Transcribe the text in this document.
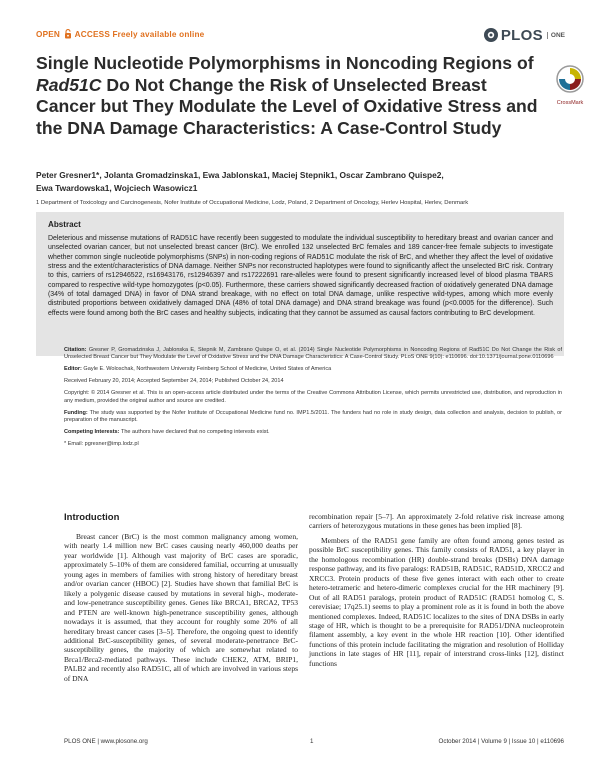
OPEN ACCESS Freely available online	PLOS	ONE
Single Nucleotide Polymorphisms in Noncoding Regions of Rad51C Do Not Change the Risk of Unselected Breast Cancer but They Modulate the Level of Oxidative Stress and the DNA Damage Characteristics: A Case-Control Study
CrossMark
Peter Gresner1*, Jolanta Gromadzinska1, Ewa Jablonska1, Maciej Stepnik1, Oscar Zambrano Quispe2,
Ewa Twardowska1, Wojciech Wasowicz1
1 Department of Toxicology and Carcinogenesis, Nofer Institute of Occupational Medicine, Lodz, Poland, 2 Department of Oncology, Herlev Hospital, Herlev, Denmark
Abstract
Deleterious and missense mutations of RAD51C have recently been suggested to modulate the individual susceptibility to hereditary breast and ovarian cancer and unselected ovarian cancer, but not unselected breast cancer (BrC). We enrolled 132 unselected BrC females and 189 cancer-free female subjects to investigate whether common single nucleotide polymorphisms (SNPs) in non-coding regions of RAD51C modulate the risk of BrC, and whether they affect the level of oxidative stress and the extent/characteristics of DNA damage. Neither SNPs nor reconstructed haplotypes were found to significantly affect the unselected BrC risk. Contrary to this, carriers of rs12946522, rs16943176, rs12946397 and rs17222691 rare-alleles were found to present significantly increased level of blood plasma TBARS compared to respective wild-type homozygotes (p<0.05). Furthermore, these carriers showed significantly decreased fraction of oxidatively generated DNA damage (34% of total damaged DNA) in favor of DNA strand breakage, with no effect on total DNA damage, unlike respective wild-types, among which more evenly distributed proportions between oxidatively damaged DNA (48% of total DNA damage) and DNA strand breakage was found (p<0.0005 for the difference). Such effects were found among both the BrC cases and healthy subjects, indicating that they cannot be assumed as causal factors contributing to BrC development.

Citation: Gresner P, Gromadzinska J, Jablonska E, Stepnik M, Zambrano Quispe O, et al. (2014) Single Nucleotide Polymorphisms in Noncoding Regions of Rad51C Do Not Change the Risk of Unselected Breast Cancer but They Modulate the Level of Oxidative Stress and the DNA Damage Characteristics: A Case-Control Study. PLoS ONE 9(10): e110696. doi:10.1371/journal.pone.0110696

Editor: Gayle E. Woloschak, Northwestern University Feinberg School of Medicine, United States of America

Received February 20, 2014; Accepted September 24, 2014; Published October 24, 2014

Copyright: © 2014 Gresner et al. This is an open-access article distributed under the terms of the Creative Commons Attribution License, which permits unrestricted use, distribution, and reproduction in any medium, provided the original author and source are credited.

Funding: The study was supported by the Nofer Institute of Occupational Medicine fund no. IMP1.5/2011. The funders had no role in study design, data collection and analysis, decision to publish, or preparation of the manuscript.

Competing Interests: The authors have declared that no competing interests exist.

* Email: pgresner@imp.lodz.pl

Introduction

Breast cancer (BrC) is the most common malignancy among women, with nearly 1.4 million new BrC cases causing nearly 460,000 deaths per year worldwide [1]. Although vast majority of BrC cases are sporadic, approximately 5–10% of them are considered familial, occurring at unusually young ages in members of families with strong history of hereditary breast and/or ovarian cancer (HBOC) [2]. Studies have shown that familial BrC is likely a polygenic disease caused by mutations in several high-, moderate- and low-penetrance susceptibility genes. Genes like BRCA1, BRCA2, TP53 and PTEN are well-known high-penetrance susceptibility genes, although nowadays it is assumed, that they account for roughly some 20% of all hereditary breast cancer cases [3–5]. Therefore, the ongoing quest to identify additional BrC-susceptibility genes, of several moderate-penetrance BrC-susceptibility genes, the majority of which are somewhat related to Brca1/Brca2-mediated pathways. These include CHEK2, ATM, BRIP1, PALB2 and recently also RAD51C, all of which are involved in various steps of DNA

recombination repair [5–7]. An approximately 2-fold relative risk increase among carriers of heterozygous mutations in these genes has been implied [8].

Members of the RAD51 gene family are often found among genes tested as possible BrC susceptibility genes. This family consists of RAD51, a key player in the homologous recombination (HR) double-strand breaks (DSBs) DNA damage response pathway, and its five paralogs: RAD51B, RAD51C, RAD51D, XRCC2 and XRCC3. Protein products of these five genes interact with each other to create hetero-tetrameric and hetero-dimeric complexes crucial for the HR machinery [9]. Out of all RAD51 paralogs, protein product of RAD51C (RAD51 homolog C, S. cerevisiae; 17q25.1) seems to play a prominent role as it is found in both the above mentioned complexes. Indeed, RAD51C localizes to the sites of DNA DSBs in early stage of HR, which is thought to be a prerequisite for RAD51/DNA nucleoprotein filament assembly, a key event in the whole HR reaction [10]. Other identified functions of this protein include facilitating the migration and resolution of Holliday junctions in late stages of HR [11], repair of interstrand cross-links [12], distinct functions

PLOS ONE | www.plosone.org	1	October 2014 | Volume 9 | Issue 10 | e110696
